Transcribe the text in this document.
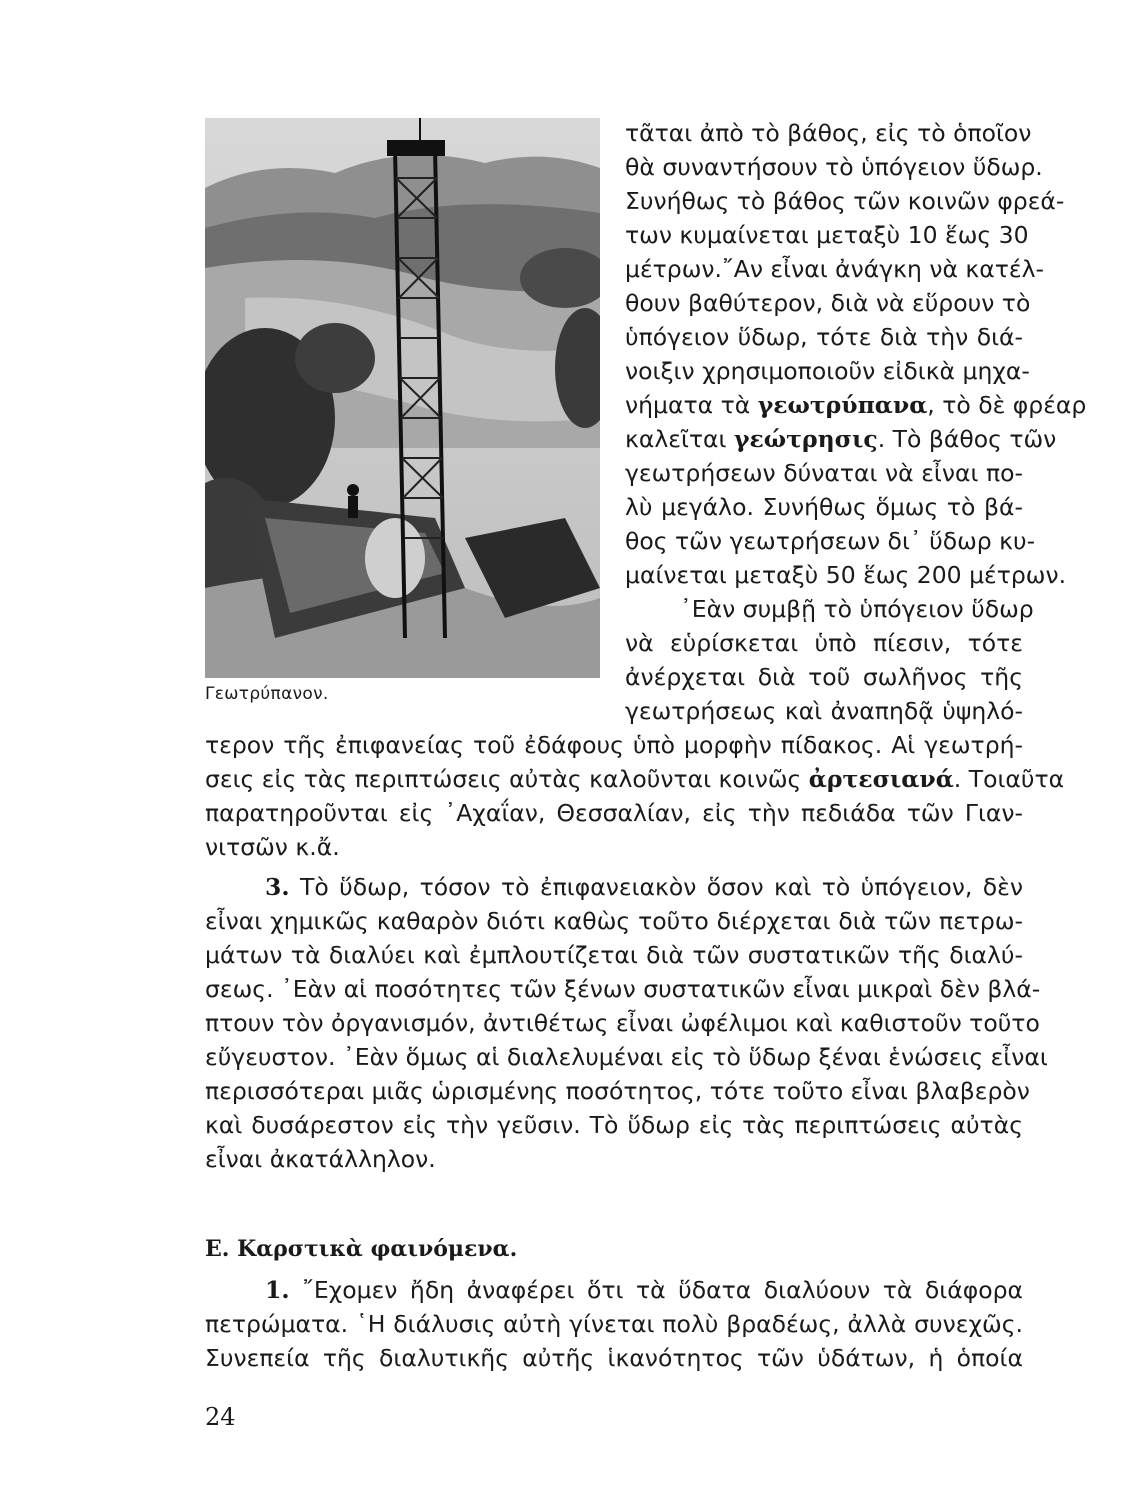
Γεωτρύπανον.
τᾶται ἀπὸ τὸ βάθος, εἰς τὸ ὁποῖον
θὰ συναντήσουν τὸ ὑπόγειον ὕδωρ.
Συνήθως τὸ βάθος τῶν κοινῶν φρεά-
των κυμαίνεται μεταξὺ 10 ἕως 30
μέτρων.῎Αν εἶναι ἀνάγκη νὰ κατέλ-
θουν βαθύτερον, διὰ νὰ εὕρουν τὸ
ὑπόγειον ὕδωρ, τότε διὰ τὴν διά-
νοιξιν χρησιμοποιοῦν εἰδικὰ μηχα-
νήματα τὰ γεωτρύπανα, τὸ δὲ φρέαρ
καλεῖται γεώτρησις. Τὸ βάθος τῶν
γεωτρήσεων δύναται νὰ εἶναι πο-
λὺ μεγάλο. Συνήθως ὅμως τὸ βά-
θος τῶν γεωτρήσεων δι᾽ ὕδωρ κυ-
μαίνεται μεταξὺ 50 ἕως 200 μέτρων.
᾽Εὰν συμβῇ τὸ ὑπόγειον ὕδωρ
νὰ εὑρίσκεται ὑπὸ πίεσιν, τότε
ἀνέρχεται διὰ τοῦ σωλῆνος τῆς
γεωτρήσεως καὶ ἀναπηδᾷ ὑψηλό-
τερον τῆς ἐπιφανείας τοῦ ἐδάφους ὑπὸ μορφὴν πίδακος. Αἱ γεωτρή-
σεις εἰς τὰς περιπτώσεις αὐτὰς καλοῦνται κοινῶς ἀρτεσιανά. Τοιαῦτα
παρατηροῦνται εἰς ᾽Αχαΐαν, Θεσσαλίαν, εἰς τὴν πεδιάδα τῶν Γιαν-
νιτσῶν κ.ἄ.
3. Τὸ ὕδωρ, τόσον τὸ ἐπιφανειακὸν ὅσον καὶ τὸ ὑπόγειον, δὲν
εἶναι χημικῶς καθαρὸν διότι καθὼς τοῦτο διέρχεται διὰ τῶν πετρω-
μάτων τὰ διαλύει καὶ ἐμπλουτίζεται διὰ τῶν συστατικῶν τῆς διαλύ-
σεως. ᾽Εὰν αἱ ποσότητες τῶν ξένων συστατικῶν εἶναι μικραὶ δὲν βλά-
πτουν τὸν ὀργανισμόν, ἀντιθέτως εἶναι ὠφέλιμοι καὶ καθιστοῦν τοῦτο
εὔγευστον. ᾽Εὰν ὅμως αἱ διαλελυμέναι εἰς τὸ ὕδωρ ξέναι ἑνώσεις εἶναι
περισσότεραι μιᾶς ὡρισμένης ποσότητος, τότε τοῦτο εἶναι βλαβερὸν
καὶ δυσάρεστον εἰς τὴν γεῦσιν. Τὸ ὕδωρ εἰς τὰς περιπτώσεις αὐτὰς
εἶναι ἀκατάλληλον.
Ε. Καρστικὰ φαινόμενα.
1. ῎Εχομεν ἤδη ἀναφέρει ὅτι τὰ ὕδατα διαλύουν τὰ διάφορα
πετρώματα. ῾Η διάλυσις αὐτὴ γίνεται πολὺ βραδέως, ἀλλὰ συνεχῶς.
Συνεπεία τῆς διαλυτικῆς αὐτῆς ἱκανότητος τῶν ὑδάτων, ἡ ὁποία
24
